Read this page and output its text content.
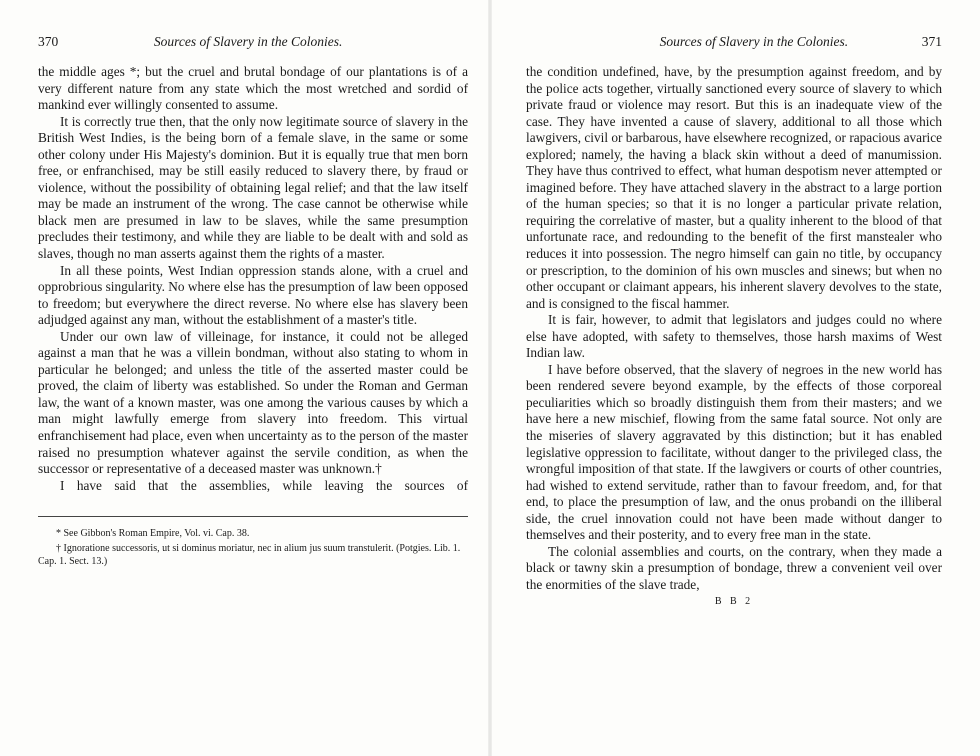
370	Sources of Slavery in the Colonies.

the middle ages *; but the cruel and brutal bondage of our plantations is of a very different nature from any state which the most wretched and sordid of mankind ever willingly consented to assume.

It is correctly true then, that the only now legitimate source of slavery in the British West Indies, is the being born of a female slave, in the same or some other colony under His Majesty's dominion. But it is equally true that men born free, or enfranchised, may be still easily reduced to slavery there, by fraud or violence, without the possibility of obtaining legal relief; and that the law itself may be made an instrument of the wrong. The case cannot be otherwise while black men are presumed in law to be slaves, while the same presumption precludes their testimony, and while they are liable to be dealt with and sold as slaves, though no man asserts against them the rights of a master.

In all these points, West Indian oppression stands alone, with a cruel and opprobrious singularity. No where else has the presumption of law been opposed to freedom; but everywhere the direct reverse. No where else has slavery been adjudged against any man, without the establishment of a master's title.

Under our own law of villeinage, for instance, it could not be alleged against a man that he was a villein bondman, without also stating to whom in particular he belonged; and unless the title of the asserted master could be proved, the claim of liberty was established. So under the Roman and German law, the want of a known master, was one among the various causes by which a man might lawfully emerge from slavery into freedom. This virtual enfranchisement had place, even when uncertainty as to the person of the master raised no presumption whatever against the servile condition, as when the successor or representative of a deceased master was unknown.†

I have said that the assemblies, while leaving the sources of

* See Gibbon's Roman Empire, Vol. vi. Cap. 38.

† Ignoratione successoris, ut si dominus moriatur, nec in alium jus suum transtulerit. (Potgies. Lib. 1. Cap. 1. Sect. 13.)

Sources of Slavery in the Colonies.	371

the condition undefined, have, by the presumption against freedom, and by the police acts together, virtually sanctioned every source of slavery to which private fraud or violence may resort. But this is an inadequate view of the case. They have invented a cause of slavery, additional to all those which lawgivers, civil or barbarous, have elsewhere recognized, or rapacious avarice explored; namely, the having a black skin without a deed of manumission. They have thus contrived to effect, what human despotism never attempted or imagined before. They have attached slavery in the abstract to a large portion of the human species; so that it is no longer a particular private relation, requiring the correlative of master, but a quality inherent to the blood of that unfortunate race, and redounding to the benefit of the first manstealer who reduces it into possession. The negro himself can gain no title, by occupancy or prescription, to the dominion of his own muscles and sinews; but when no other occupant or claimant appears, his inherent slavery devolves to the state, and is consigned to the fiscal hammer.

It is fair, however, to admit that legislators and judges could no where else have adopted, with safety to themselves, those harsh maxims of West Indian law.

I have before observed, that the slavery of negroes in the new world has been rendered severe beyond example, by the effects of those corporeal peculiarities which so broadly distinguish them from their masters; and we have here a new mischief, flowing from the same fatal source. Not only are the miseries of slavery aggravated by this distinction; but it has enabled legislative oppression to facilitate, without danger to the privileged class, the wrongful imposition of that state. If the lawgivers or courts of other countries, had wished to extend servitude, rather than to favour freedom, and, for that end, to place the presumption of law, and the onus probandi on the illiberal side, the cruel innovation could not have been made without danger to themselves and their posterity, and to every free man in the state.

The colonial assemblies and courts, on the contrary, when they made a black or tawny skin a presumption of bondage, threw a convenient veil over the enormities of the slave trade,

B B 2
